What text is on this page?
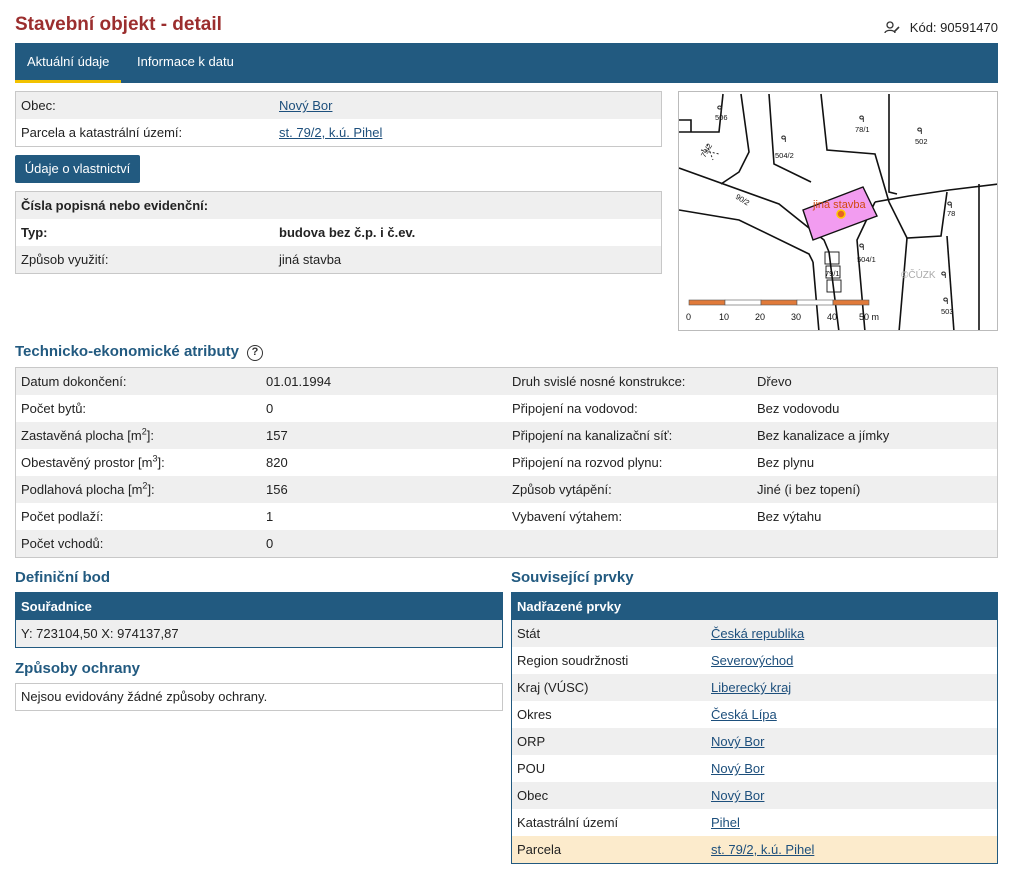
Stavební objekt - detail	Kód: 90591470
Aktuální údaje	Informace k datu
Obec:	Nový Bor
Parcela a katastrální území:	st. 79/2, k.ú. Pihel
Údaje o vlastnictví
Čísla popisná nebo evidenční:	
Typ:	budova bez č.p. i č.ev.
Způsob využití:	jiná stavba
jiná stavba
506
78/1
502
504/2
78
504/1
503
90/2
79/1
79/2
ᑫ
ᑫ
ᑫ
ᑫ
ᑫ
ᑫ
ᑫ
ᑫ
©ČÚZK
0	10	20	30	40 50 m
Technicko-ekonomické atributy ?
Datum dokončení:	01.01.1994	Druh svislé nosné konstrukce:	Dřevo
Počet bytů:	0	Připojení na vodovod:	Bez vodovodu
Zastavěná plocha $[m^2]$:	157	Připojení na kanalizační síť:	Bez kanalizace a jímky
Obestavěný prostor $[m^3]$:	820	Připojení na rozvod plynu:	Bez plynu
Podlahová plocha $[m^2]$:	156	Způsob vytápění:	Jiné (i bez topení)
Počet podlaží:	1	Vybavení výtahem:	Bez výtahu
Počet vchodů:	0		
Definiční bod
Souřadnice
Y: 723104,50 X: 974137,87
Způsoby ochrany
Nejsou evidovány žádné způsoby ochrany.
Související prvky
Nadřazené prvky
Stát	Česká republika
Region soudržnosti	Severovýchod
Kraj (VÚSC)	Liberecký kraj
Okres	Česká Lípa
ORP	Nový Bor
POU	Nový Bor
Obec	Nový Bor
Katastrální území	Pihel
Parcela	st. 79/2, k.ú. Pihel
